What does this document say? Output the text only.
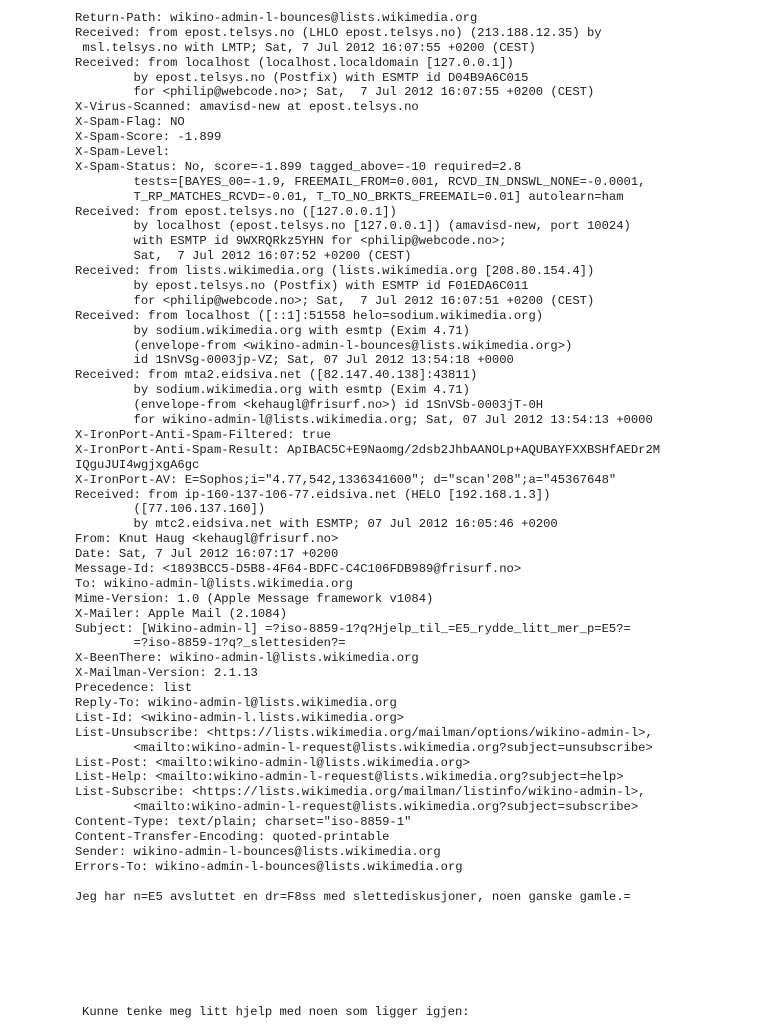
Return-Path: wikino-admin-l-bounces@lists.wikimedia.org
Received: from epost.telsys.no (LHLO epost.telsys.no) (213.188.12.35) by
msl.telsys.no with LMTP; Sat, 7 Jul 2012 16:07:55 +0200 (CEST)
Received: from localhost (localhost.localdomain [127.0.0.1])
by epost.telsys.no (Postfix) with ESMTP id D04B9A6C015
for <philip@webcode.no>; Sat,  7 Jul 2012 16:07:55 +0200 (CEST)
X-Virus-Scanned: amavisd-new at epost.telsys.no
X-Spam-Flag: NO
X-Spam-Score: -1.899
X-Spam-Level:
X-Spam-Status: No, score=-1.899 tagged_above=-10 required=2.8
tests=[BAYES_00=-1.9, FREEMAIL_FROM=0.001, RCVD_IN_DNSWL_NONE=-0.0001,
T_RP_MATCHES_RCVD=-0.01, T_TO_NO_BRKTS_FREEMAIL=0.01] autolearn=ham
Received: from epost.telsys.no ([127.0.0.1])
by localhost (epost.telsys.no [127.0.0.1]) (amavisd-new, port 10024)
with ESMTP id 9WXRQRkz5YHN for <philip@webcode.no>;
Sat,  7 Jul 2012 16:07:52 +0200 (CEST)
Received: from lists.wikimedia.org (lists.wikimedia.org [208.80.154.4])
by epost.telsys.no (Postfix) with ESMTP id F01EDA6C011
for <philip@webcode.no>; Sat,  7 Jul 2012 16:07:51 +0200 (CEST)
Received: from localhost ([::1]:51558 helo=sodium.wikimedia.org)
by sodium.wikimedia.org with esmtp (Exim 4.71)
(envelope-from <wikino-admin-l-bounces@lists.wikimedia.org>)
id 1SnVSg-0003jp-VZ; Sat, 07 Jul 2012 13:54:18 +0000
Received: from mta2.eidsiva.net ([82.147.40.138]:43811)
by sodium.wikimedia.org with esmtp (Exim 4.71)
(envelope-from <kehaugl@frisurf.no>) id 1SnVSb-0003jT-0H
for wikino-admin-l@lists.wikimedia.org; Sat, 07 Jul 2012 13:54:13 +0000
X-IronPort-Anti-Spam-Filtered: true
X-IronPort-Anti-Spam-Result: ApIBAC5C+E9Naomg/2dsb2JhbAANOLp+AQUBAYFXXBSHfAEDr2M
IQguJUI4wgjxgA6gc
X-IronPort-AV: E=Sophos;i="4.77,542,1336341600"; d="scan'208";a="45367648"
Received: from ip-160-137-106-77.eidsiva.net (HELO [192.168.1.3])
([77.106.137.160])
by mtc2.eidsiva.net with ESMTP; 07 Jul 2012 16:05:46 +0200
From: Knut Haug <kehaugl@frisurf.no>
Date: Sat, 7 Jul 2012 16:07:17 +0200
Message-Id: <1893BCC5-D5B8-4F64-BDFC-C4C106FDB989@frisurf.no>
To: wikino-admin-l@lists.wikimedia.org
Mime-Version: 1.0 (Apple Message framework v1084)
X-Mailer: Apple Mail (2.1084)
Subject: [Wikino-admin-l] =?iso-8859-1?q?Hjelp_til_=E5_rydde_litt_mer_p=E5?=
=?iso-8859-1?q?_slettesiden?=
X-BeenThere: wikino-admin-l@lists.wikimedia.org
X-Mailman-Version: 2.1.13
Precedence: list
Reply-To: wikino-admin-l@lists.wikimedia.org
List-Id: <wikino-admin-l.lists.wikimedia.org>
List-Unsubscribe: <https://lists.wikimedia.org/mailman/options/wikino-admin-l>,
<mailto:wikino-admin-l-request@lists.wikimedia.org?subject=unsubscribe>
List-Post: <mailto:wikino-admin-l@lists.wikimedia.org>
List-Help: <mailto:wikino-admin-l-request@lists.wikimedia.org?subject=help>
List-Subscribe: <https://lists.wikimedia.org/mailman/listinfo/wikino-admin-l>,
<mailto:wikino-admin-l-request@lists.wikimedia.org?subject=subscribe>
Content-Type: text/plain; charset="iso-8859-1"
Content-Transfer-Encoding: quoted-printable
Sender: wikino-admin-l-bounces@lists.wikimedia.org
Errors-To: wikino-admin-l-bounces@lists.wikimedia.org
Jeg har n=E5 avsluttet en dr=F8ss med slettediskusjoner, noen ganske gamle.=
Kunne tenke meg litt hjelp med noen som ligger igjen:
